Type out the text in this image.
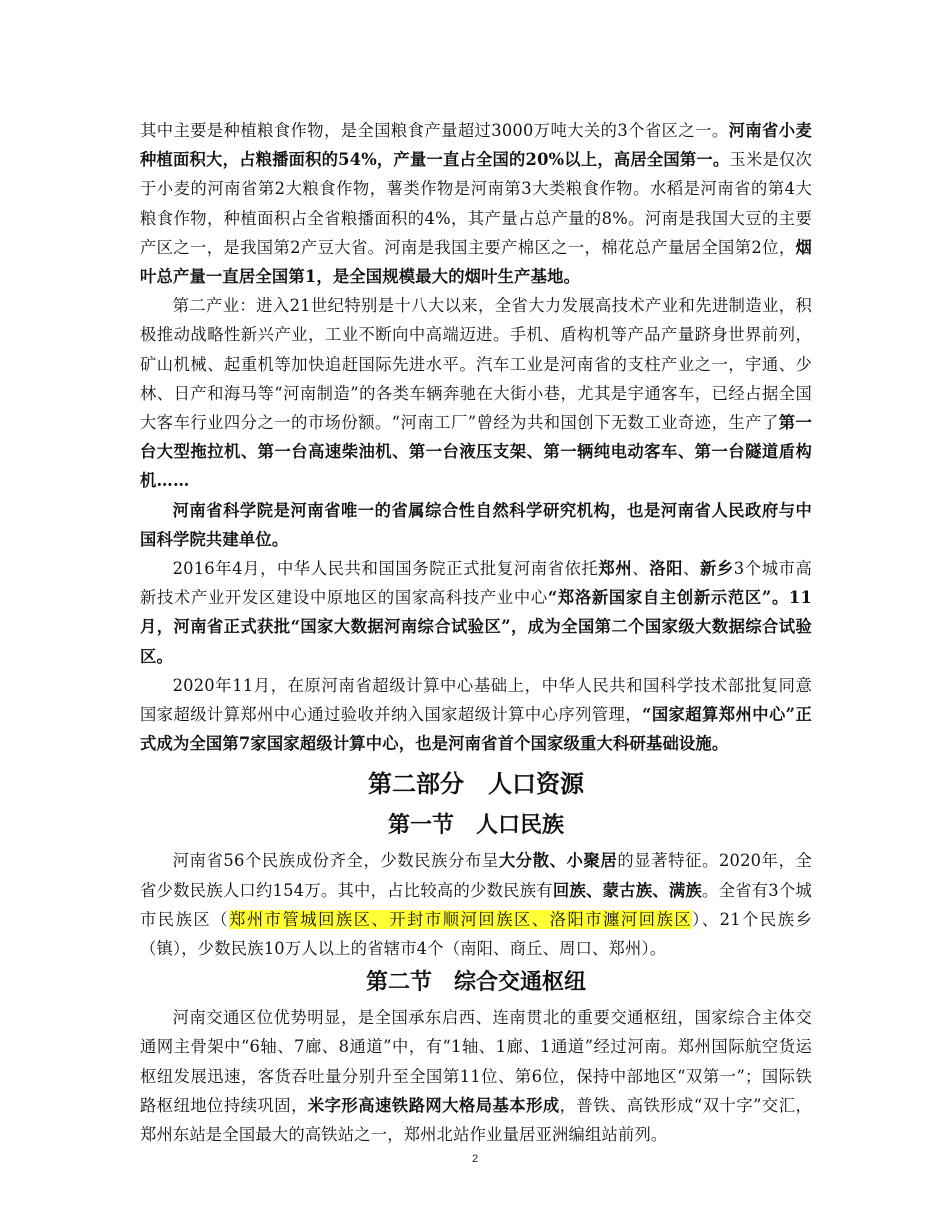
其中主要是种植粮食作物，是全国粮食产量超过3000万吨大关的3个省区之一。河南省小麦种植面积大，占粮播面积的54%，产量一直占全国的20%以上，高居全国第一。玉米是仅次于小麦的河南省第2大粮食作物，薯类作物是河南第3大类粮食作物。水稻是河南省的第4大粮食作物，种植面积占全省粮播面积的4%，其产量占总产量的8%。河南是我国大豆的主要产区之一，是我国第2产豆大省。河南是我国主要产棉区之一，棉花总产量居全国第2位，烟叶总产量一直居全国第1，是全国规模最大的烟叶生产基地。

第二产业：进入21世纪特别是十八大以来，全省大力发展高技术产业和先进制造业，积极推动战略性新兴产业，工业不断向中高端迈进。手机、盾构机等产品产量跻身世界前列，矿山机械、起重机等加快追赶国际先进水平。汽车工业是河南省的支柱产业之一，宇通、少林、日产和海马等“河南制造”的各类车辆奔驰在大街小巷，尤其是宇通客车，已经占据全国大客车行业四分之一的市场份额。“河南工厂”曾经为共和国创下无数工业奇迹，生产了第一台大型拖拉机、第一台高速柴油机、第一台液压支架、第一辆纯电动客车、第一台隧道盾构机……

河南省科学院是河南省唯一的省属综合性自然科学研究机构，也是河南省人民政府与中国科学院共建单位。

2016年4月，中华人民共和国国务院正式批复河南省依托郑州、洛阳、新乡3个城市高新技术产业开发区建设中原地区的国家高科技产业中心“郑洛新国家自主创新示范区”。11月，河南省正式获批“国家大数据河南综合试验区”，成为全国第二个国家级大数据综合试验区。

2020年11月，在原河南省超级计算中心基础上，中华人民共和国科学技术部批复同意国家超级计算郑州中心通过验收并纳入国家超级计算中心序列管理，“国家超算郑州中心”正式成为全国第7家国家超级计算中心，也是河南省首个国家级重大科研基础设施。

第二部分　人口资源
第一节　人口民族

河南省56个民族成份齐全，少数民族分布呈大分散、小聚居的显著特征。2020年，全省少数民族人口约154万。其中，占比较高的少数民族有回族、蒙古族、满族。全省有3个城市民族区（郑州市管城回族区、开封市顺河回族区、洛阳市瀍河回族区）、21个民族乡（镇），少数民族10万人以上的省辖市4个（南阳、商丘、周口、郑州）。

第二节　综合交通枢纽

河南交通区位优势明显，是全国承东启西、连南贯北的重要交通枢纽，国家综合主体交通网主骨架中“6轴、7廊、8通道”中，有“1轴、1廊、1通道”经过河南。郑州国际航空货运枢纽发展迅速，客货吞吐量分别升至全国第11位、第6位，保持中部地区“双第一”；国际铁路枢纽地位持续巩固，米字形高速铁路网大格局基本形成，普铁、高铁形成“双十字”交汇，郑州东站是全国最大的高铁站之一，郑州北站作业量居亚洲编组站前列。

2
